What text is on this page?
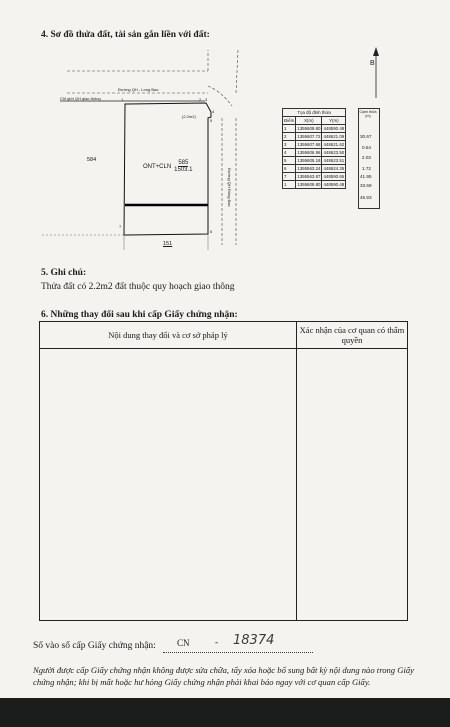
4. Sơ đồ thửa đất, tài sản gắn liền với đất:
Đường QH - Long Bao
Chỉ giới QH giao thông
(2.2m2)
Đường QH Đồng Bao
B
ONT+CLN
585
1503.1
584
151
1	2 3
4
5
6
7
Tọa độ đỉnh thửa		
Điểm	X(m)	Y(m)
1	1395609.80	448590.48
2	1395607.72	448621.09
3	1395607.68	448621.62
4	1395606.96	448623.50
5	1395605.18	448623.51
6	1395563.24	448624.35
7	1395563.87	448590.65
1	1395609.80	448590.48
Cạnh thửa (m)
30.67
0.54
2.03
1.72
41.95
33.69
45.93
5. Ghi chú:
Thửa đất có 2.2m2 đất thuộc quy hoạch giao thông
6. Những thay đổi sau khi cấp Giấy chứng nhận:
Nội dung thay đổi và cơ sở pháp lý	Xác nhận của cơ quan có thẩm quyền

Số vào sổ cấp Giấy chứng nhận: CN	- 18374
Người được cấp Giấy chứng nhận không được sửa chữa, tẩy xóa hoặc bổ sung bất kỳ nội dung nào trong Giấy chứng nhận; khi bị mất hoặc hư hỏng Giấy chứng nhận phải khai báo ngay với cơ quan cấp Giấy.
